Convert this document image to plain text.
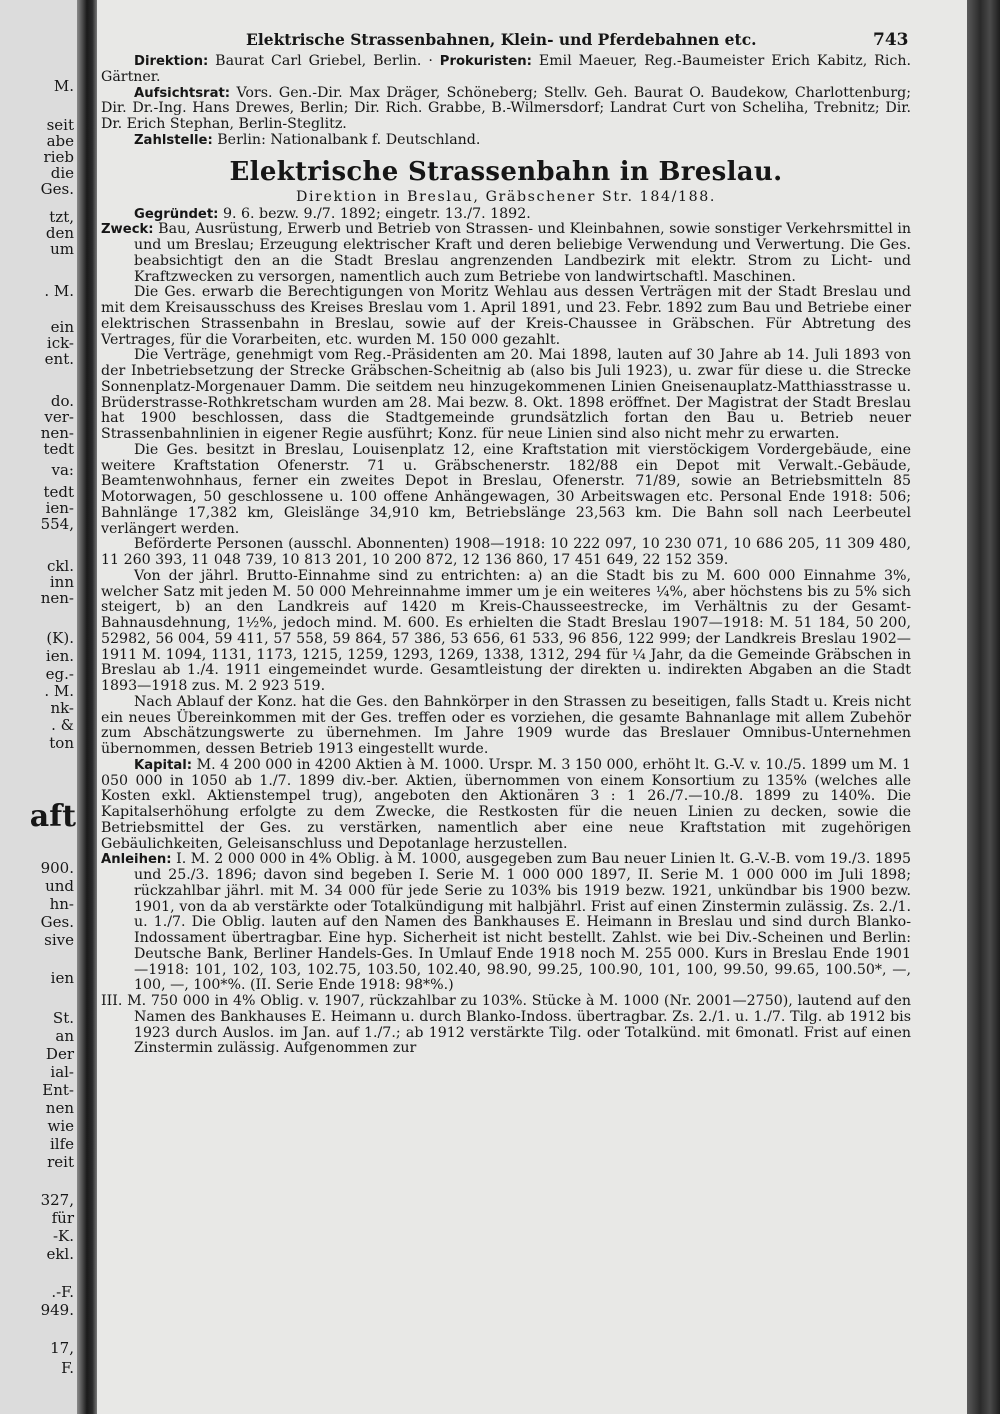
M.
seit
abe
rieb
die
Ges.
tzt,
den
um
. M.
ein
ick-
ent.
do.
ver-
nen-
tedt
va:
tedt
ien-
554,
ckl.
inn
nen-
(K).
ien.
eg.-
. M.
nk-
. &
ton
aft
900.
und
hn-
Ges.
sive
ien
St.
an
Der
ial-
Ent-
nen
wie
ilfe
reit
327,
für
-K.
ekl.
.-F.
949.
17,
F.
Elektrische Strassenbahnen, Klein- und Pferdebahnen etc.	743

Direktion: Baurat Carl Griebel, Berlin. · Prokuristen: Emil Maeuer, Reg.-Baumeister Erich Kabitz, Rich. Gärtner.

Aufsichtsrat: Vors. Gen.-Dir. Max Dräger, Schöneberg; Stellv. Geh. Baurat O. Baudekow, Charlottenburg; Dir. Dr.-Ing. Hans Drewes, Berlin; Dir. Rich. Grabbe, B.-Wilmersdorf; Landrat Curt von Scheliha, Trebnitz; Dir. Dr. Erich Stephan, Berlin-Steglitz.

Zahlstelle: Berlin: Nationalbank f. Deutschland.

Elektrische Strassenbahn in Breslau.
Direktion in Breslau, Gräbschener Str. 184/188.

Gegründet: 9. 6. bezw. 9./7. 1892; eingetr. 13./7. 1892.

Zweck: Bau, Ausrüstung, Erwerb und Betrieb von Strassen- und Kleinbahnen, sowie sonstiger Verkehrsmittel in und um Breslau; Erzeugung elektrischer Kraft und deren beliebige Verwendung und Verwertung. Die Ges. beabsichtigt den an die Stadt Breslau angrenzenden Landbezirk mit elektr. Strom zu Licht- und Kraftzwecken zu versorgen, namentlich auch zum Betriebe von landwirtschaftl. Maschinen.

Die Ges. erwarb die Berechtigungen von Moritz Wehlau aus dessen Verträgen mit der Stadt Breslau und mit dem Kreisausschuss des Kreises Breslau vom 1. April 1891, und 23. Febr. 1892 zum Bau und Betriebe einer elektrischen Strassenbahn in Breslau, sowie auf der Kreis-Chaussee in Gräbschen. Für Abtretung des Vertrages, für die Vorarbeiten, etc. wurden M. 150 000 gezahlt.

Die Verträge, genehmigt vom Reg.-Präsidenten am 20. Mai 1898, lauten auf 30 Jahre ab 14. Juli 1893 von der Inbetriebsetzung der Strecke Gräbschen-Scheitnig ab (also bis Juli 1923), u. zwar für diese u. die Strecke Sonnenplatz-Morgenauer Damm. Die seitdem neu hinzugekommenen Linien Gneisenauplatz-Matthiasstrasse u. Brüderstrasse-Rothkretscham wurden am 28. Mai bezw. 8. Okt. 1898 eröffnet. Der Magistrat der Stadt Breslau hat 1900 beschlossen, dass die Stadtgemeinde grundsätzlich fortan den Bau u. Betrieb neuer Strassenbahnlinien in eigener Regie ausführt; Konz. für neue Linien sind also nicht mehr zu erwarten.

Die Ges. besitzt in Breslau, Louisenplatz 12, eine Kraftstation mit vierstöckigem Vordergebäude, eine weitere Kraftstation Ofenerstr. 71 u. Gräbschenerstr. 182/88 ein Depot mit Verwalt.-Gebäude, Beamtenwohnhaus, ferner ein zweites Depot in Breslau, Ofenerstr. 71/89, sowie an Betriebsmitteln 85 Motorwagen, 50 geschlossene u. 100 offene Anhängewagen, 30 Arbeitswagen etc. Personal Ende 1918: 506; Bahnlänge 17,382 km, Gleislänge 34,910 km, Betriebslänge 23,563 km. Die Bahn soll nach Leerbeutel verlängert werden.

Beförderte Personen (ausschl. Abonnenten) 1908—1918: 10 222 097, 10 230 071, 10 686 205, 11 309 480, 11 260 393, 11 048 739, 10 813 201, 10 200 872, 12 136 860, 17 451 649, 22 152 359.

Von der jährl. Brutto-Einnahme sind zu entrichten: a) an die Stadt bis zu M. 600 000 Einnahme 3%, welcher Satz mit jeden M. 50 000 Mehreinnahme immer um je ein weiteres ¼%, aber höchstens bis zu 5% sich steigert, b) an den Landkreis auf 1420 m Kreis-Chausseestrecke, im Verhältnis zu der Gesamt-Bahnausdehnung, 1½%, jedoch mind. M. 600. Es erhielten die Stadt Breslau 1907—1918: M. 51 184, 50 200, 52982, 56 004, 59 411, 57 558, 59 864, 57 386, 53 656, 61 533, 96 856, 122 999; der Landkreis Breslau 1902—1911 M. 1094, 1131, 1173, 1215, 1259, 1293, 1269, 1338, 1312, 294 für ¼ Jahr, da die Gemeinde Gräbschen in Breslau ab 1./4. 1911 eingemeindet wurde. Gesamtleistung der direkten u. indirekten Abgaben an die Stadt 1893—1918 zus. M. 2 923 519.

Nach Ablauf der Konz. hat die Ges. den Bahnkörper in den Strassen zu beseitigen, falls Stadt u. Kreis nicht ein neues Übereinkommen mit der Ges. treffen oder es vorziehen, die gesamte Bahnanlage mit allem Zubehör zum Abschätzungswerte zu übernehmen. Im Jahre 1909 wurde das Breslauer Omnibus-Unternehmen übernommen, dessen Betrieb 1913 eingestellt wurde.

Kapital: M. 4 200 000 in 4200 Aktien à M. 1000. Urspr. M. 3 150 000, erhöht lt. G.-V. v. 10./5. 1899 um M. 1 050 000 in 1050 ab 1./7. 1899 div.-ber. Aktien, übernommen von einem Konsortium zu 135% (welches alle Kosten exkl. Aktienstempel trug), angeboten den Aktionären 3 : 1 26./7.—10./8. 1899 zu 140%. Die Kapitalserhöhung erfolgte zu dem Zwecke, die Restkosten für die neuen Linien zu decken, sowie die Betriebsmittel der Ges. zu verstärken, namentlich aber eine neue Kraftstation mit zugehörigen Gebäulichkeiten, Geleisanschluss und Depotanlage herzustellen.

Anleihen: I. M. 2 000 000 in 4% Oblig. à M. 1000, ausgegeben zum Bau neuer Linien lt. G.-V.-B. vom 19./3. 1895 und 25./3. 1896; davon sind begeben I. Serie M. 1 000 000 1897, II. Serie M. 1 000 000 im Juli 1898; rückzahlbar jährl. mit M. 34 000 für jede Serie zu 103% bis 1919 bezw. 1921, unkündbar bis 1900 bezw. 1901, von da ab verstärkte oder Totalkündigung mit halbjährl. Frist auf einen Zinstermin zulässig. Zs. 2./1. u. 1./7. Die Oblig. lauten auf den Namen des Bankhauses E. Heimann in Breslau und sind durch Blanko-Indossament übertragbar. Eine hyp. Sicherheit ist nicht bestellt. Zahlst. wie bei Div.-Scheinen und Berlin: Deutsche Bank, Berliner Handels-Ges. In Umlauf Ende 1918 noch M. 255 000. Kurs in Breslau Ende 1901—1918: 101, 102, 103, 102.75, 103.50, 102.40, 98.90, 99.25, 100.90, 101, 100, 99.50, 99.65, 100.50*, —, 100, —, 100*%. (II. Serie Ende 1918: 98*%.)

III. M. 750 000 in 4% Oblig. v. 1907, rückzahlbar zu 103%. Stücke à M. 1000 (Nr. 2001—2750), lautend auf den Namen des Bankhauses E. Heimann u. durch Blanko-Indoss. übertragbar. Zs. 2./1. u. 1./7. Tilg. ab 1912 bis 1923 durch Auslos. im Jan. auf 1./7.; ab 1912 verstärkte Tilg. oder Totalkünd. mit 6monatl. Frist auf einen Zinstermin zulässig. Aufgenommen zur
